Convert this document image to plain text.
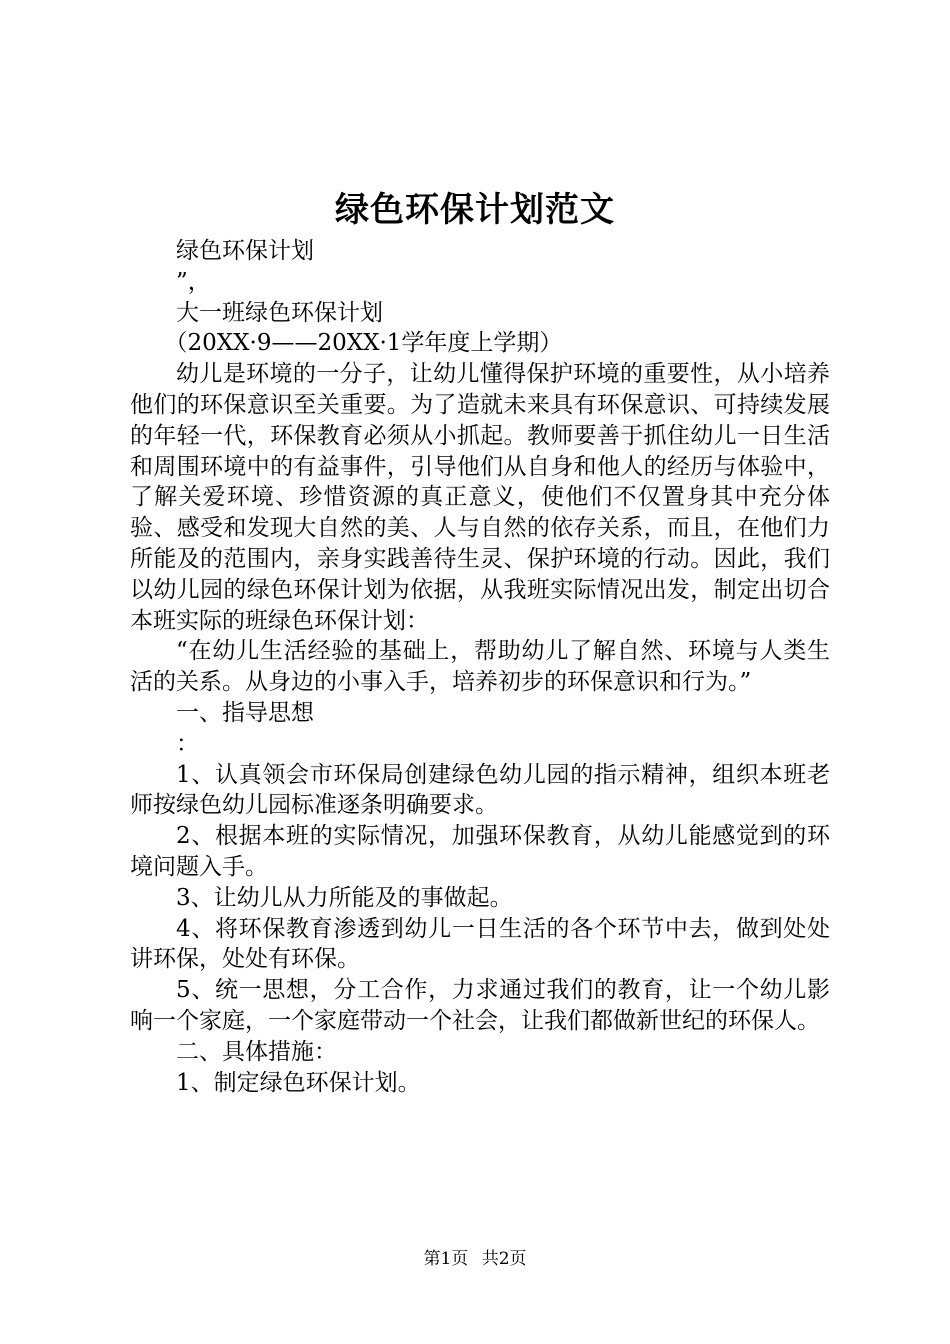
绿色环保计划范文

绿色环保计划

”，

大一班绿色环保计划

（20XX·9——20XX·1学年度上学期）

幼儿是环境的一分子，让幼儿懂得保护环境的重要性，从小培养他们的环保意识至关重要。为了造就未来具有环保意识、可持续发展的年轻一代，环保教育必须从小抓起。教师要善于抓住幼儿一日生活和周围环境中的有益事件，引导他们从自身和他人的经历与体验中，了解关爱环境、珍惜资源的真正意义，使他们不仅置身其中充分体验、感受和发现大自然的美、人与自然的依存关系，而且，在他们力所能及的范围内，亲身实践善待生灵、保护环境的行动。因此，我们以幼儿园的绿色环保计划为依据，从我班实际情况出发，制定出切合本班实际的班绿色环保计划：

“在幼儿生活经验的基础上，帮助幼儿了解自然、环境与人类生活的关系。从身边的小事入手，培养初步的环保意识和行为。”

一、指导思想

：

1、认真领会市环保局创建绿色幼儿园的指示精神，组织本班老师按绿色幼儿园标准逐条明确要求。

2、根据本班的实际情况，加强环保教育，从幼儿能感觉到的环境问题入手。

3、让幼儿从力所能及的事做起。

4、将环保教育渗透到幼儿一日生活的各个环节中去，做到处处讲环保，处处有环保。

5、统一思想，分工合作，力求通过我们的教育，让一个幼儿影响一个家庭，一个家庭带动一个社会，让我们都做新世纪的环保人。

二、具体措施：

1、制定绿色环保计划。

第1页 共2页
